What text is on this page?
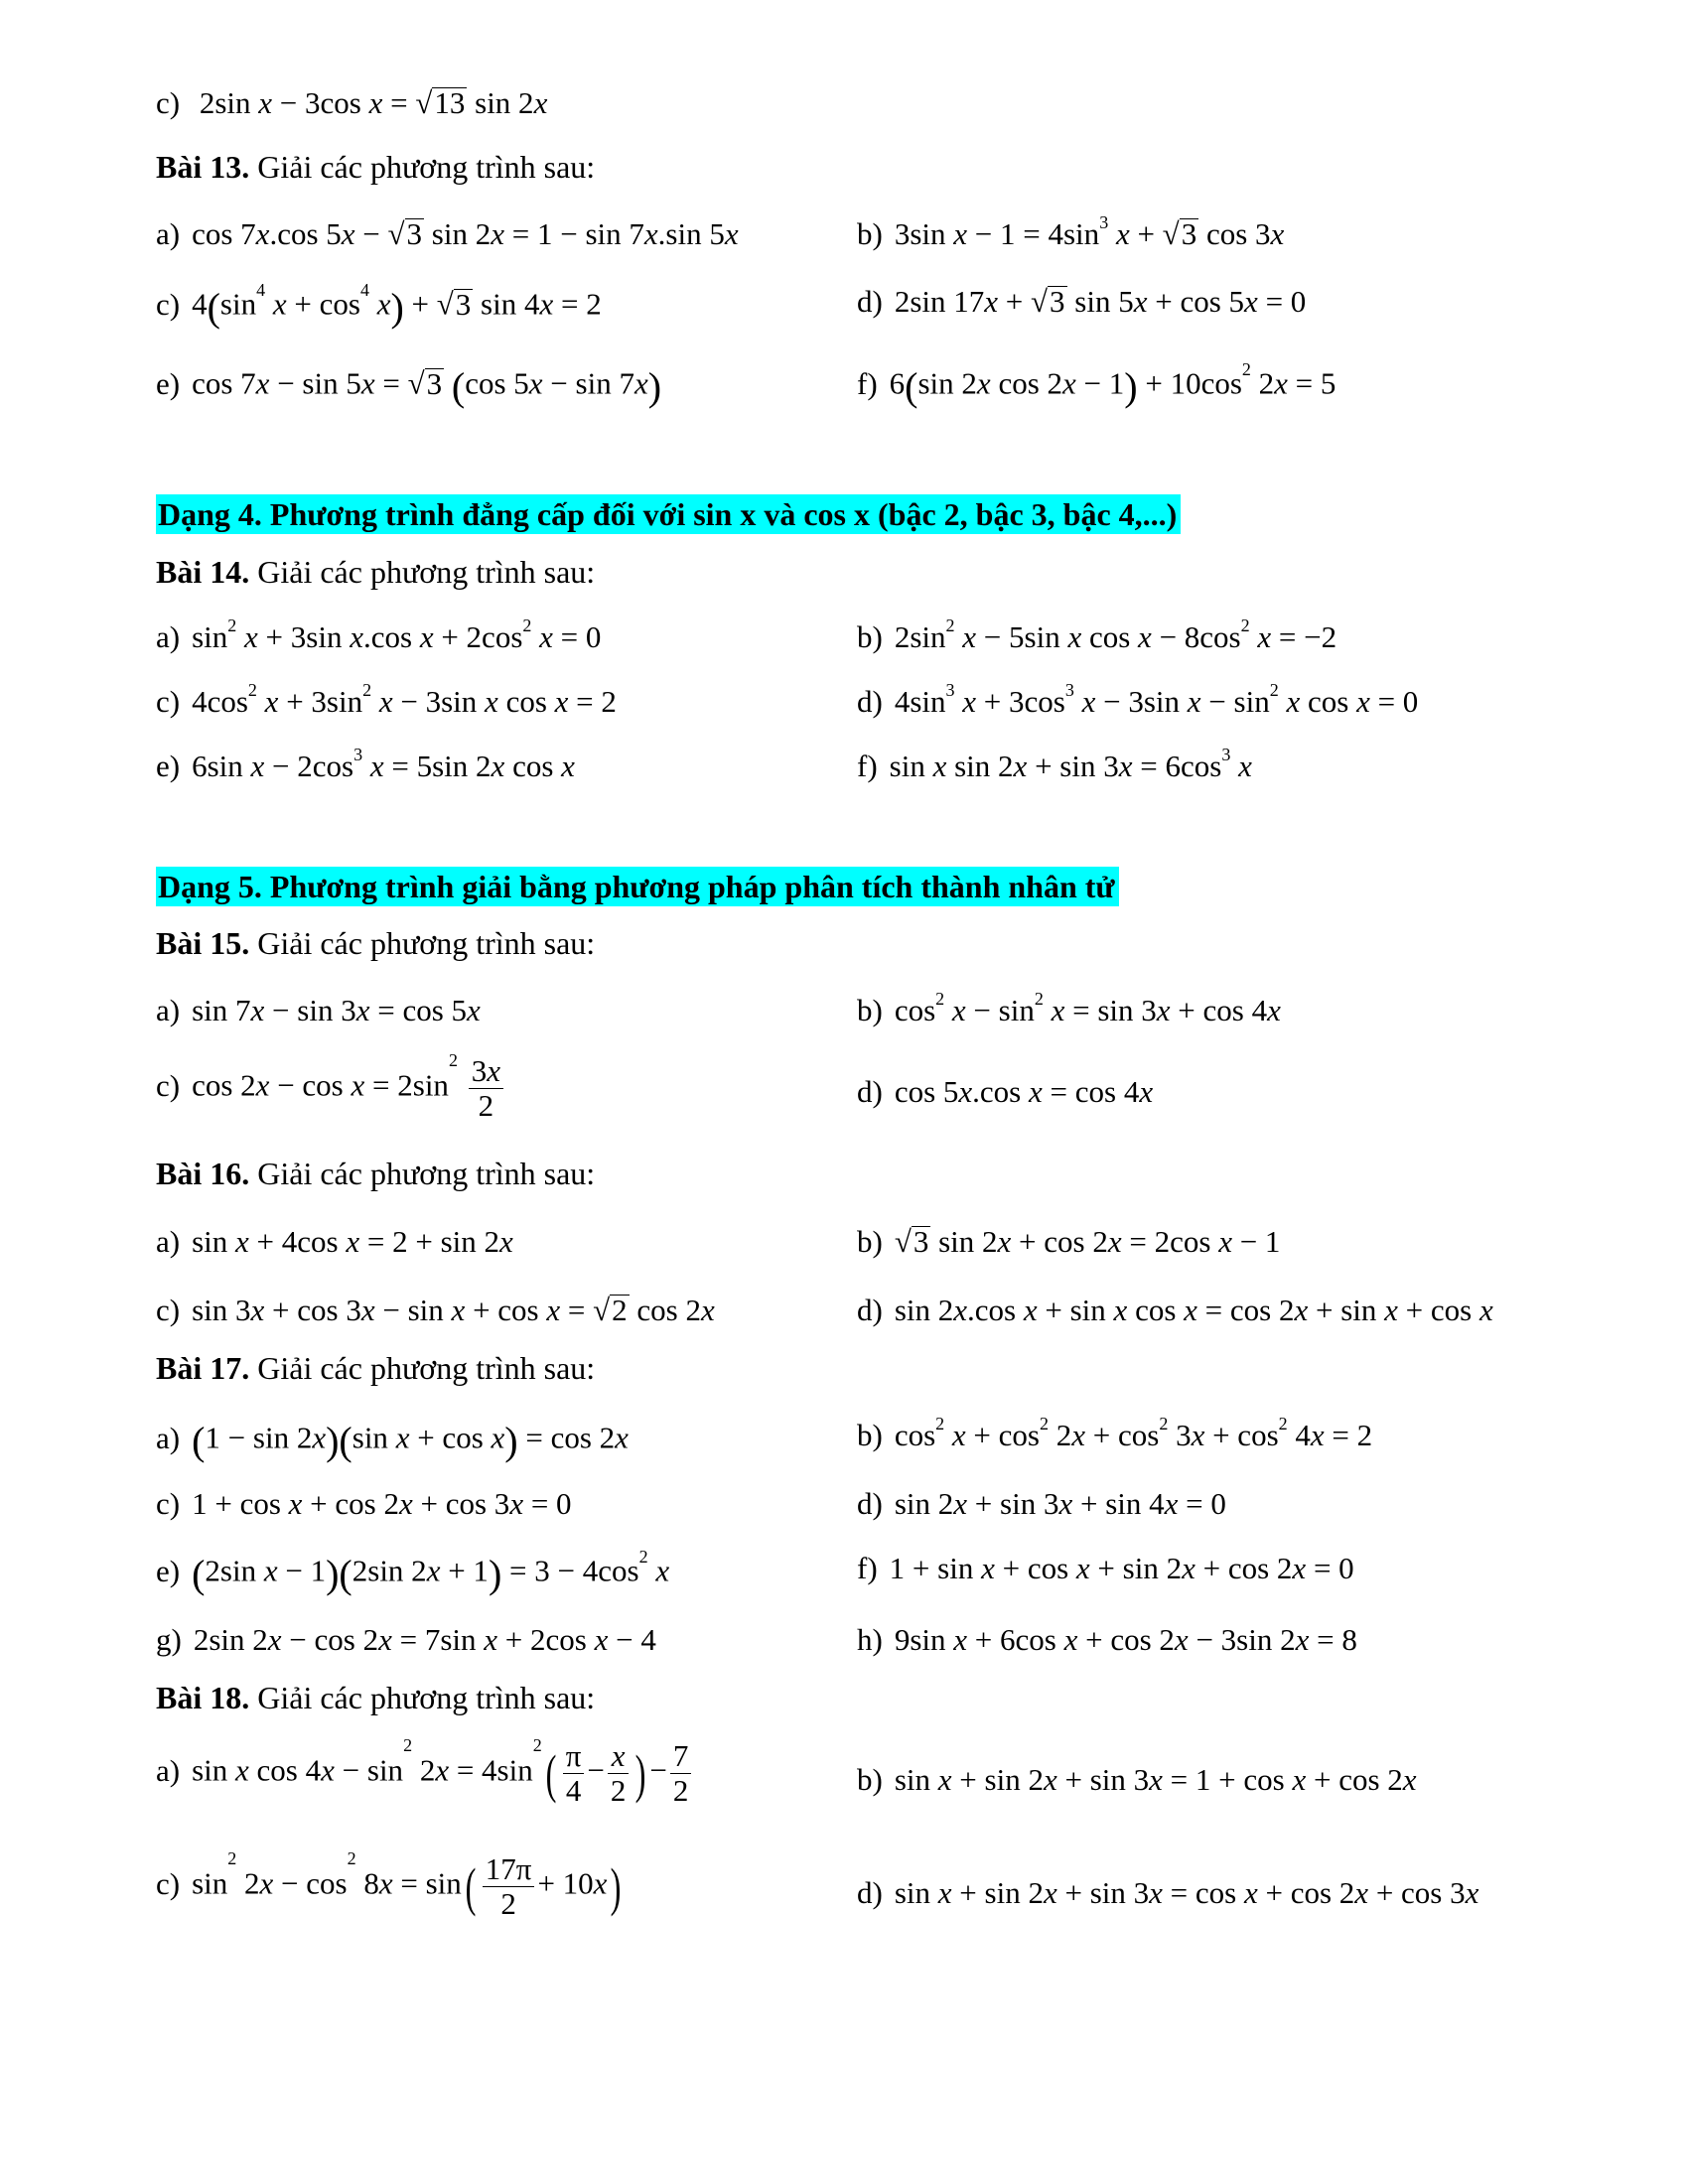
c) 2sin x − 3cos x = √13 sin 2x
Bài 13. Giải các phương trình sau:
a) cos 7x.cos 5x − √3 sin 2x = 1 − sin 7x.sin 5x	b) 3sin $x - 1 = 4\sin^3$ x + √3 cos 3x
c) $4(\sin^4$ $x + \cos^4 x) + √3$ sin 4x = 2	d) 2sin 17x + √3 sin 5x + cos 5x = 0
e) cos 7x − sin 5x = √3 (cos 5x − sin 7x)	f) 6(sin 2x $\cos 2x - 1) + 10\cos^2$ 2x = 5
Dạng 4. Phương trình đẳng cấp đối với sin x và cos x (bậc 2, bậc 3, bậc 4,...)
Bài 14. Giải các phương trình sau:
a) $\sin^2 x + 3\sin$ x.cos $x + 2\cos^2$ x = 0	b) $2\sin^2$ x − 5sin x $\cos x - 8\cos^2$ x = −2
c) $4\cos^2$ $x + 3\sin^2$ x − 3sin x cos x = 2	d) $4\sin^3$ $x + 3\cos^3$ x − 3sin $x - \sin^2 x$ cos x = 0
e) 6sin $x - 2\cos^3$ x = 5sin 2x cos x	f) sin x $\sin 2x + \sin 3x = 6\cos^3$ x
Dạng 5. Phương trình giải bằng phương pháp phân tích thành nhân tử
Bài 15. Giải các phương trình sau:
a) sin 7x − sin 3x = cos 5x	b) $\cos^2 x - \sin^2 x = \sin 3x + \cos 4x$
c) $\cos 2x - \cos x = 2\sin^2 \frac{3x}{2}$	d) cos 5x.cos x = cos 4x
Bài 16. Giải các phương trình sau:
a) sin x + 4cos x = 2 + sin 2x	b) √3 sin 2x + cos 2x = 2cos x − 1
c) sin 3x + cos 3x − sin x + cos x = √2 cos 2x	d) sin 2x.cos x + sin x cos x = cos 2x + sin x + cos x
Bài 17. Giải các phương trình sau:
a) (1 − sin 2x)(sin x + cos x) = cos 2x	b) $\cos^2 x + \cos^2 2x + \cos^2 3x + \cos^2 4x = 2$
c) 1 + cos x + cos 2x + cos 3x = 0	d) sin 2x + sin 3x + sin 4x = 0
e) (2sin x − 1)(2sin $2x + 1) = 3 - 4\cos^2$ x	f) 1 + sin x + cos x + sin 2x + cos 2x = 0
g) 2sin 2x − cos 2x = 7sin x + 2cos x − 4	h) 9sin x + 6cos x + cos 2x − 3sin 2x = 8
Bài 18. Giải các phương trình sau:
a) sin x $\cos 4x - \sin^2 2x = 4\sin^2( \frac{\pi}{4} - \frac{x}{2}$ ) − $\frac{7}{2}$	b) sin x + sin 2x + sin 3x = 1 + cos x + cos 2x
c) $\sin^2 2x - \cos^2 8x = \sin( \frac{17\pi}{2} + 10x)$	d) sin x + sin 2x + sin 3x = cos x + cos 2x + cos 3x
